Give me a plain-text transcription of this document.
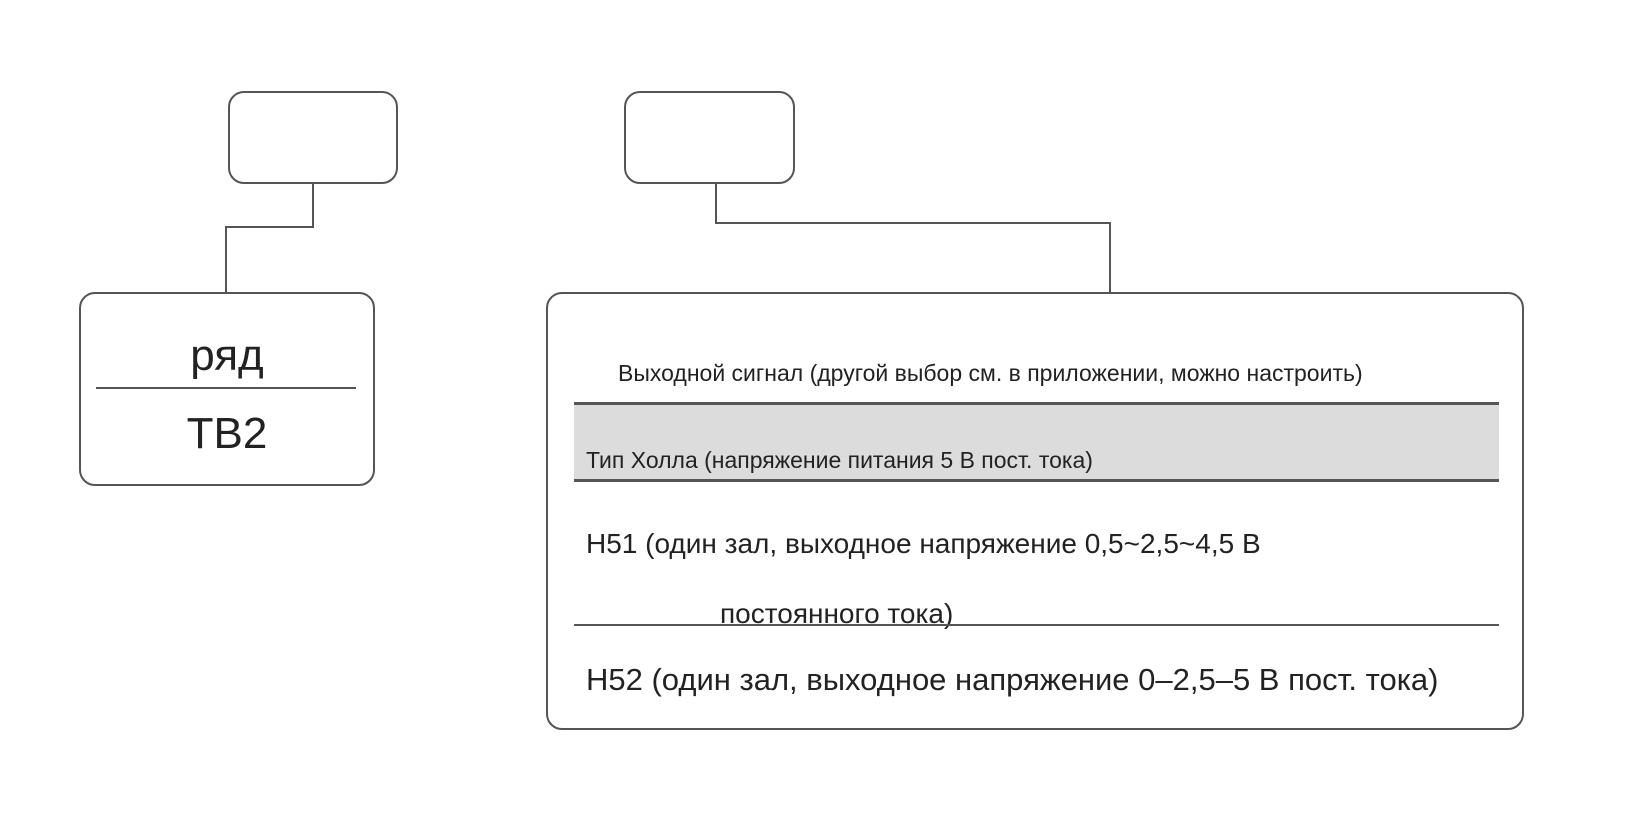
ряд
ТВ2
Выходной сигнал (другой выбор см. в приложении, можно настроить)
Тип Холла (напряжение питания 5 В пост. тока)
H51 (один зал, выходное напряжение 0,5~2,5~4,5 В
постоянного тока)
H52 (один зал, выходное напряжение 0–2,5–5 В пост. тока)
